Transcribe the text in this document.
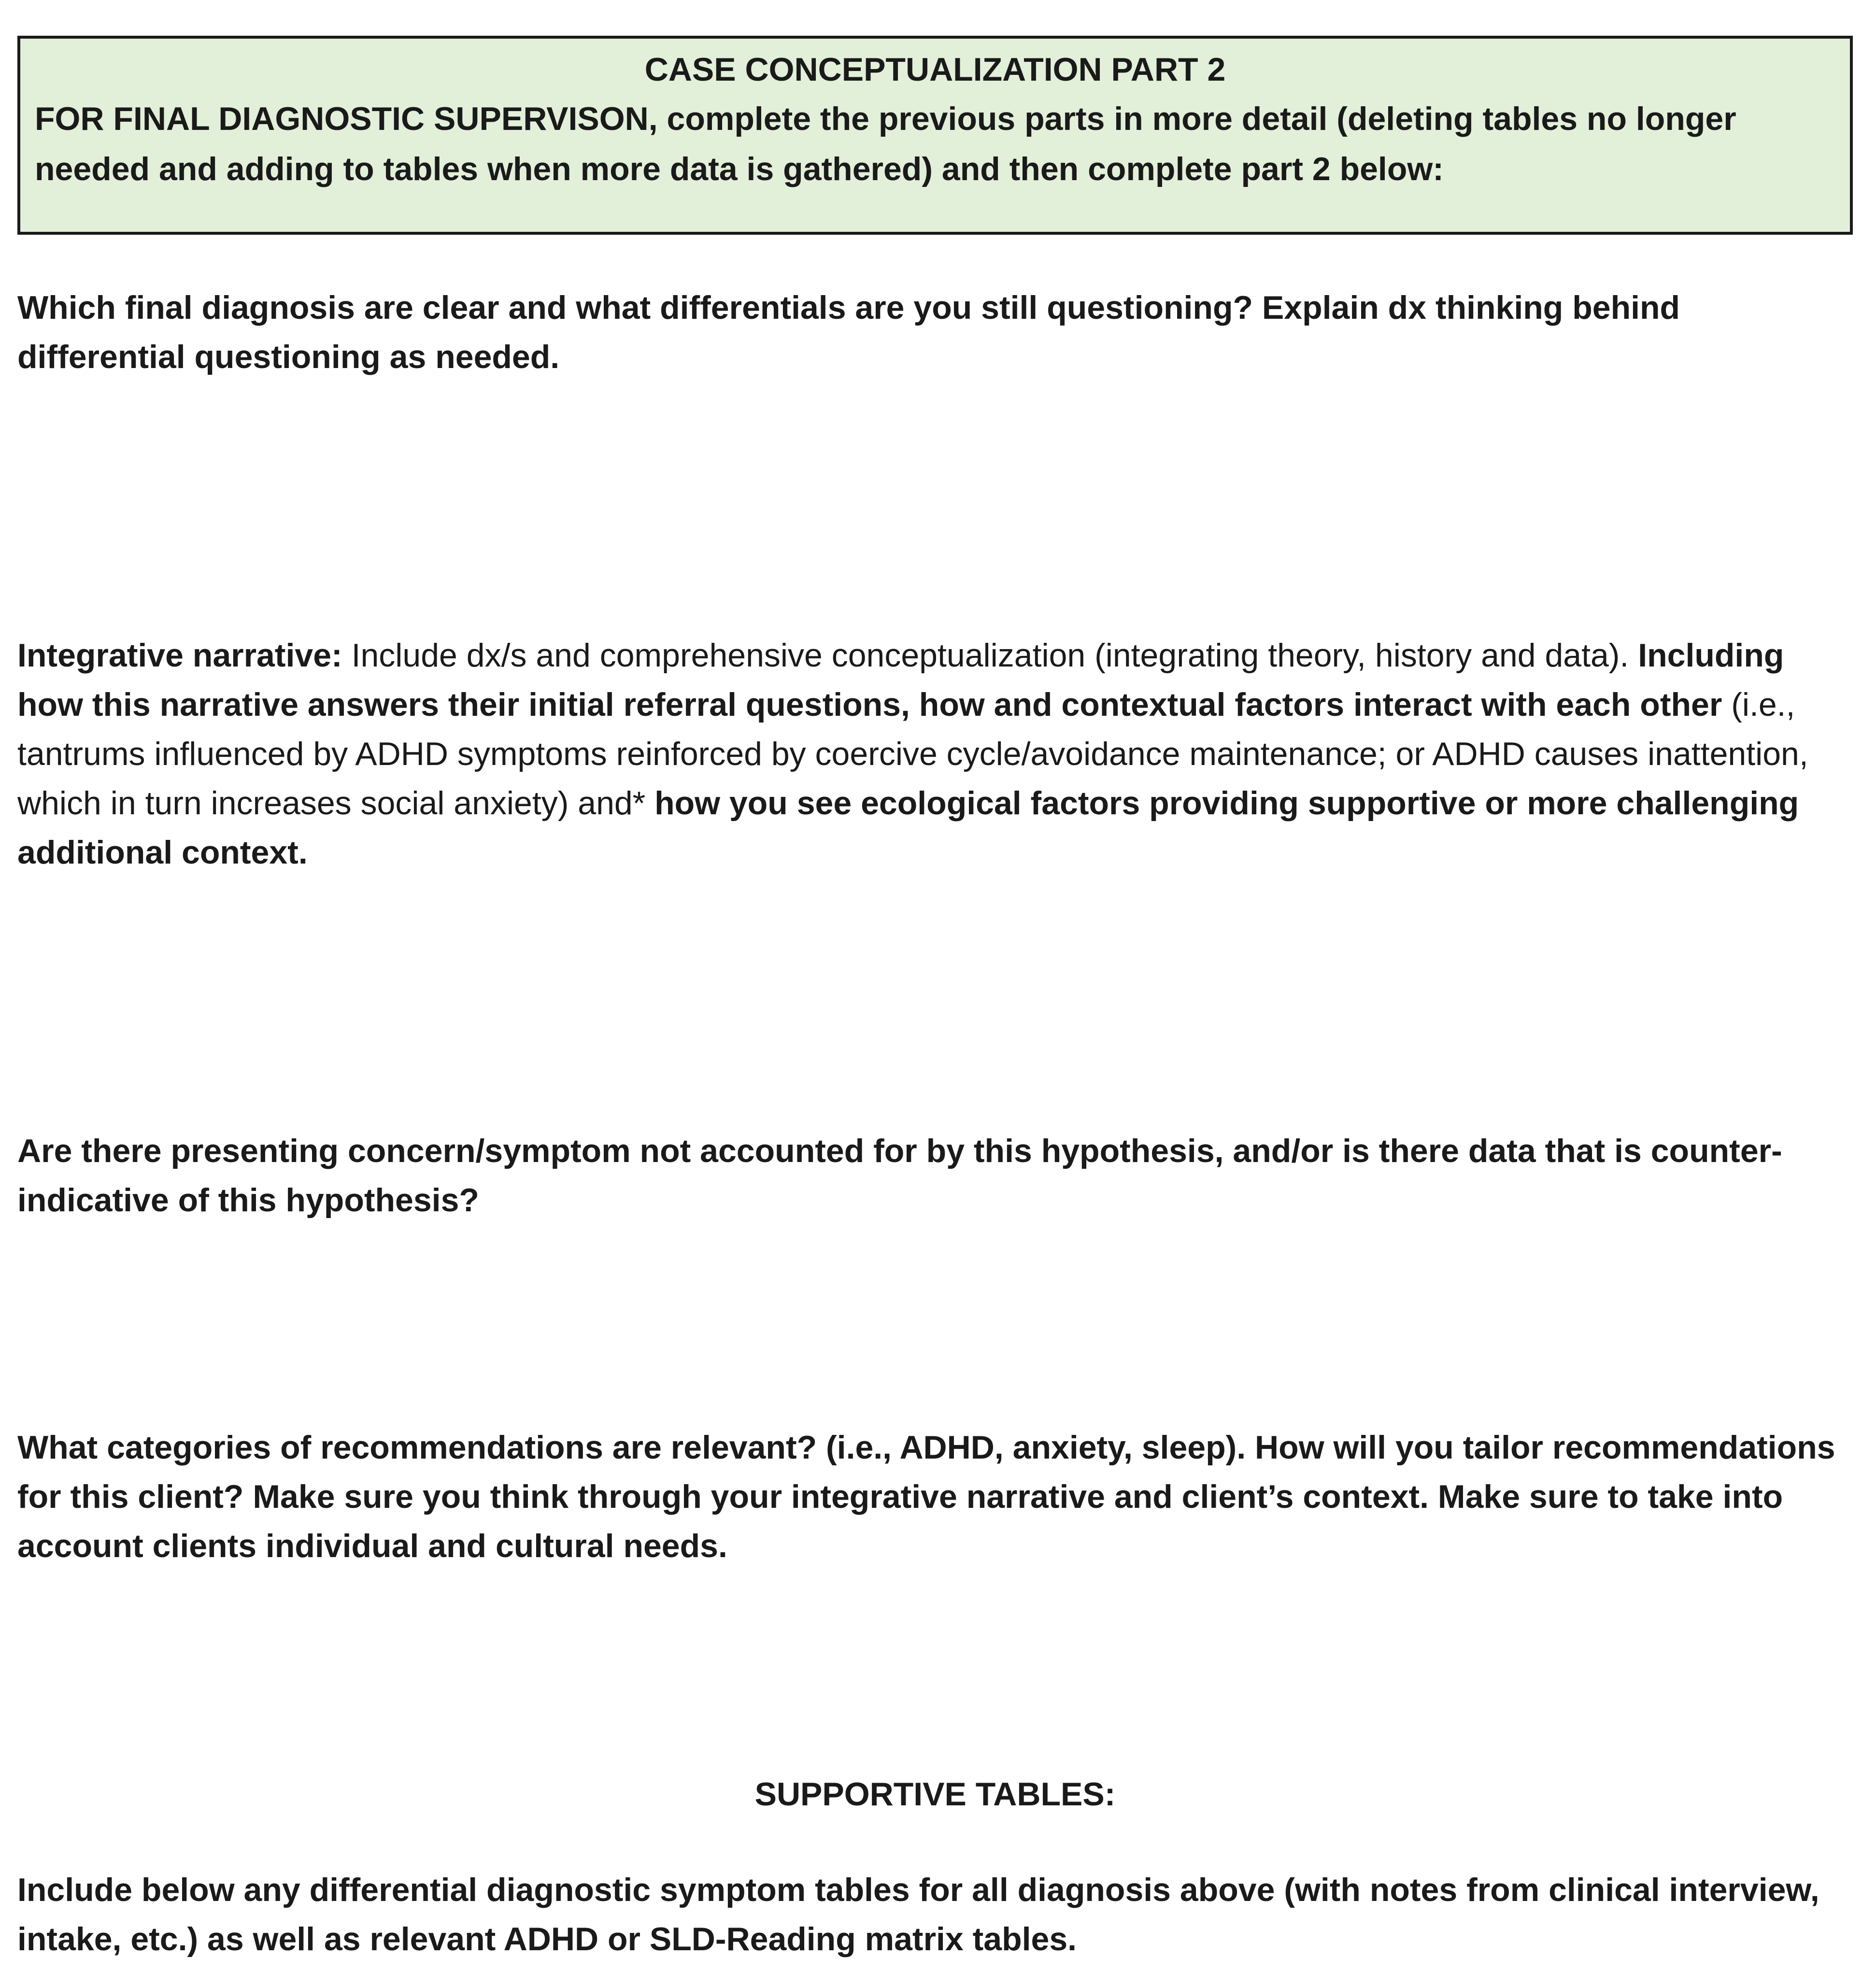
CASE CONCEPTUALIZATION PART 2

FOR FINAL DIAGNOSTIC SUPERVISON, complete the previous parts in more detail (deleting tables no longer needed and adding to tables when more data is gathered) and then complete part 2 below:

Which final diagnosis are clear and what differentials are you still questioning? Explain dx thinking behind differential questioning as needed.

Integrative narrative: Include dx/s and comprehensive conceptualization (integrating theory, history and data). Including how this narrative answers their initial referral questions, how and contextual factors interact with each other (i.e., tantrums influenced by ADHD symptoms reinforced by coercive cycle/avoidance maintenance; or ADHD causes inattention, which in turn increases social anxiety) and* how you see ecological factors providing supportive or more challenging additional context.

Are there presenting concern/symptom not accounted for by this hypothesis, and/or is there data that is counter-indicative of this hypothesis?

What categories of recommendations are relevant? (i.e., ADHD, anxiety, sleep). How will you tailor recommendations for this client? Make sure you think through your integrative narrative and client’s context. Make sure to take into account clients individual and cultural needs.

SUPPORTIVE TABLES:

Include below any differential diagnostic symptom tables for all diagnosis above (with notes from clinical interview, intake, etc.) as well as relevant ADHD or SLD-Reading matrix tables.
